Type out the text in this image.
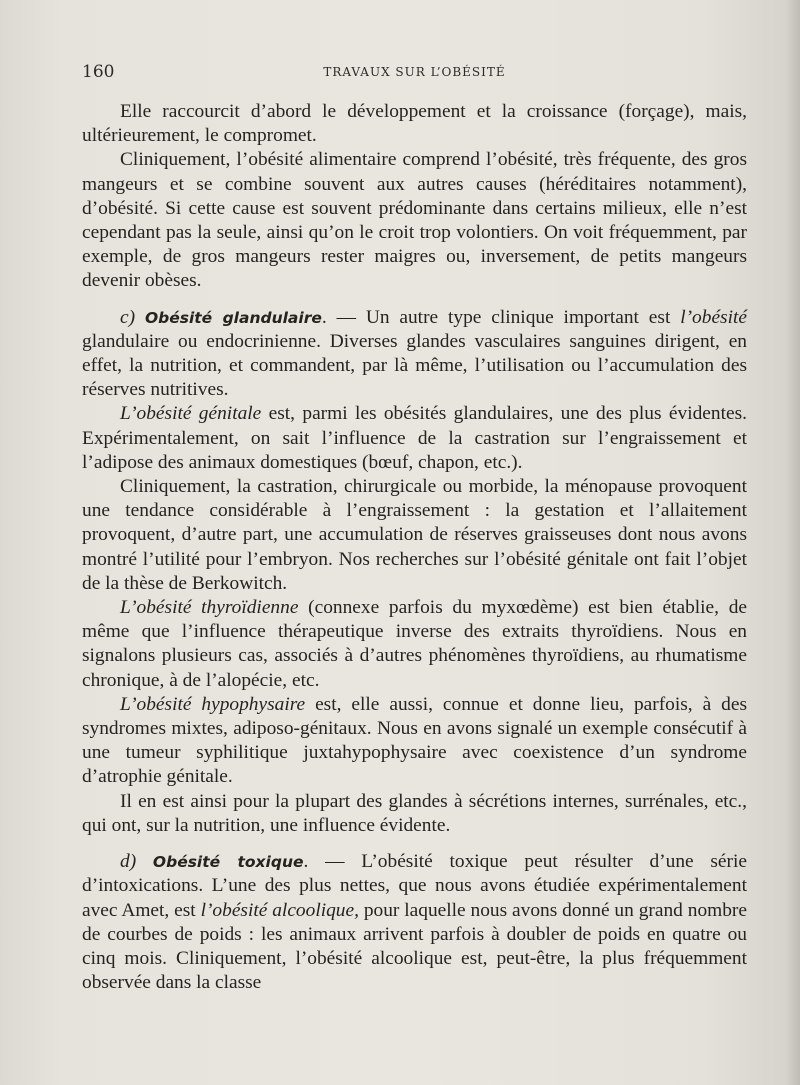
160	TRAVAUX SUR L’OBÉSITÉ

Elle raccourcit d’abord le développement et la croissance (forçage), mais, ultérieurement, le compromet.

Cliniquement, l’obésité alimentaire comprend l’obésité, très fréquente, des gros mangeurs et se combine souvent aux autres causes (héréditaires notamment), d’obésité. Si cette cause est souvent prédominante dans certains milieux, elle n’est cependant pas la seule, ainsi qu’on le croit trop volontiers. On voit fréquemment, par exemple, de gros mangeurs rester maigres ou, inversement, de petits mangeurs devenir obèses.

c) Obésité glandulaire. — Un autre type clinique important est l’obésité glandulaire ou endocrinienne. Diverses glandes vasculaires sanguines dirigent, en effet, la nutrition, et commandent, par là même, l’utilisation ou l’accumulation des réserves nutritives.

L’obésité génitale est, parmi les obésités glandulaires, une des plus évidentes. Expérimentalement, on sait l’influence de la castration sur l’engraissement et l’adipose des animaux domestiques (bœuf, chapon, etc.).

Cliniquement, la castration, chirurgicale ou morbide, la ménopause provoquent une tendance considérable à l’engraissement : la gestation et l’allaitement provoquent, d’autre part, une accumulation de réserves graisseuses dont nous avons montré l’utilité pour l’embryon. Nos recherches sur l’obésité génitale ont fait l’objet de la thèse de Berkowitch.

L’obésité thyroïdienne (connexe parfois du myxœdème) est bien établie, de même que l’influence thérapeutique inverse des extraits thyroïdiens. Nous en signalons plusieurs cas, associés à d’autres phénomènes thyroïdiens, au rhumatisme chronique, à de l’alopécie, etc.

L’obésité hypophysaire est, elle aussi, connue et donne lieu, parfois, à des syndromes mixtes, adiposo-génitaux. Nous en avons signalé un exemple consécutif à une tumeur syphilitique juxtahypophysaire avec coexistence d’un syndrome d’atrophie génitale.

Il en est ainsi pour la plupart des glandes à sécrétions internes, surrénales, etc., qui ont, sur la nutrition, une influence évidente.

d) Obésité toxique. — L’obésité toxique peut résulter d’une série d’intoxications. L’une des plus nettes, que nous avons étudiée expérimentalement avec Amet, est l’obésité alcoolique, pour laquelle nous avons donné un grand nombre de courbes de poids : les animaux arrivent parfois à doubler de poids en quatre ou cinq mois. Cliniquement, l’obésité alcoolique est, peut-être, la plus fréquemment observée dans la classe
